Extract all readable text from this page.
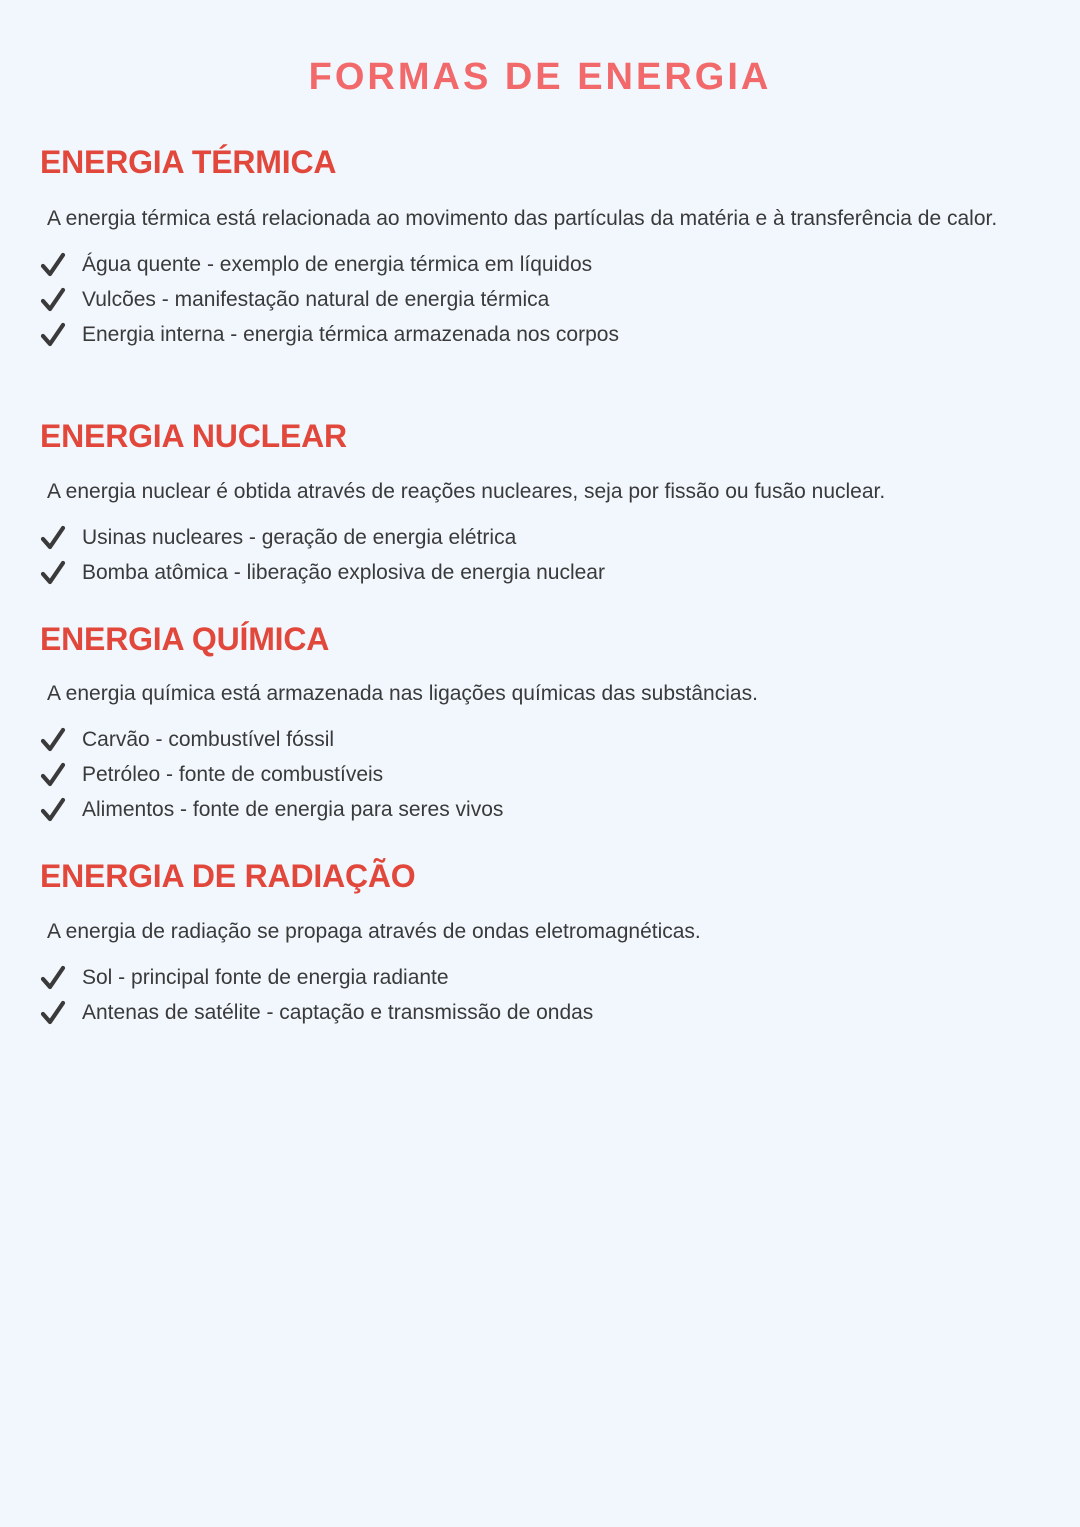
FORMAS DE ENERGIA
ENERGIA TÉRMICA

A energia térmica está relacionada ao movimento das partículas da matéria e à transferência de calor.

Água quente - exemplo de energia térmica em líquidos
Vulcões - manifestação natural de energia térmica
Energia interna - energia térmica armazenada nos corpos
ENERGIA NUCLEAR

A energia nuclear é obtida através de reações nucleares, seja por fissão ou fusão nuclear.

Usinas nucleares - geração de energia elétrica
Bomba atômica - liberação explosiva de energia nuclear
ENERGIA QUÍMICA

A energia química está armazenada nas ligações químicas das substâncias.

Carvão - combustível fóssil
Petróleo - fonte de combustíveis
Alimentos - fonte de energia para seres vivos
ENERGIA DE RADIAÇÃO

A energia de radiação se propaga através de ondas eletromagnéticas.

Sol - principal fonte de energia radiante
Antenas de satélite - captação e transmissão de ondas
